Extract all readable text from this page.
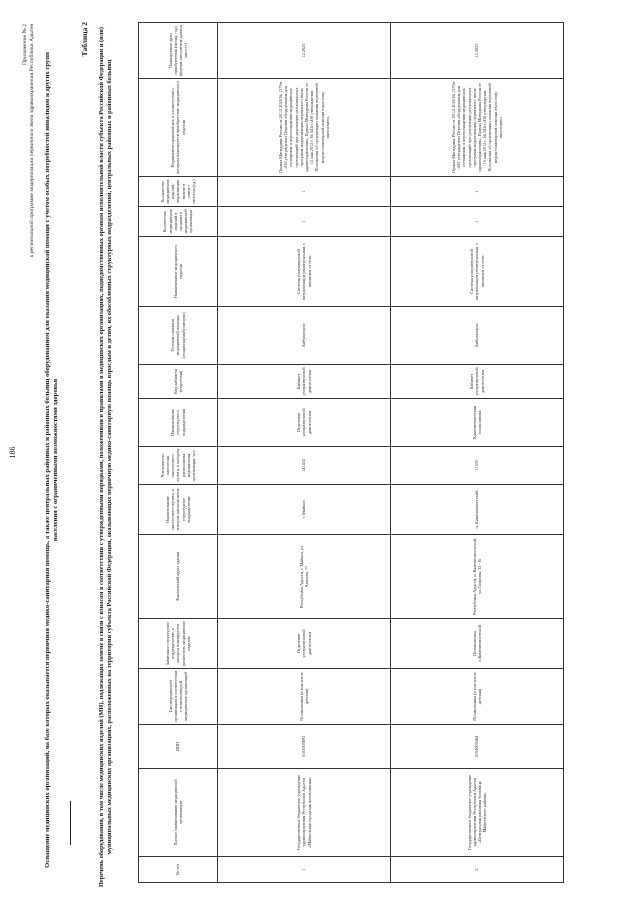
186
Приложение № 2 к региональной программе модернизации первичного звена здравоохранения Республики Адыгея Оснащение медицинских организаций, на базе которых оказывается первичная медико-санитарная помощь, а также центральных районных и районных больниц оборудованием для оказания медицинской помощи с учетом особых потребностей инвалидов и других групп населения с ограниченными возможностями здоровья
Таблица 2
№ п/п	Полное наименование медицинской организации	ИНН	Тип медицинской организации в соответствии с номенклатурой медицинских организаций	Зависимое структурное подразделение, в котором планируется разместить медицинское изделие	Фактический адрес здания	Наименование населенного пункта, в котором располагается структурное подразделение	Численность населения населенного пункта, в котором расположена медицинская организация, чел.	Наименование структурного подразделения	Вид кабинета (отделения)	Условия оказания медицинской помощи (стационар/амбулаторно)	Наименование медицинского изделия	Количество медицинских изделий в наличии в медицинской организации	Количество медицинских изделий, подлежащих замене в связи с износом (ед.)	Нормативно-правовой акт, в соответствии с которым планируется приобретение медицинского изделия	Планируемые даты приобретения (месяц, год) (формат заполнения данных мм.гггг)
1	Государственное бюджетное учреждение здравоохранения Республики Адыгея «Майкопская городская поликлиника»	0105005693	Поликлиника (в том числе детская)	Отделение ультразвуковой диагностики	Республика Адыгея, г. Майкоп, ул. Чкалова, 77	г. Майкоп	141435	Отделение ультразвуковой диагностики	Кабинет ультразвуковой диагностики	Амбулаторно	Система ультразвуковой визуализации универсальная, с питанием от сети	1	1	Приказ Минздрава России от 28.12.2020 № 1379н «Об утверждении Перечня оборудования для оснащения и переоснащения медицинских организаций при реализации региональных программ модернизации первичного звена здравоохранения»; Приказ Минздрава России от 15 мая 2012 г. № 543н «Об утверждении Положения об организации оказания первичной медико-санитарной помощи взрослому населению»	12.2025
2	Государственное бюджетное учреждение здравоохранения Республики Адыгея «Центральная районная больница Майкопского района»	0104005564	Поликлиника (в том числе детская)	Поликлиника п.Каменномостский	Республика Адыгея, п. Каменномостский, ул.Гагарина, 32 - В	п. Каменномостский	11109	Каменномостская поликлиника	Кабинет ультразвуковой диагностики	Амбулаторно	Система ультразвуковой визуализации универсальная, с питанием от сети	1	1	Приказ Минздрава России от 28.12.2020 № 1379н «Об утверждении Перечня оборудования для оснащения и переоснащения медицинских организаций при реализации региональных программ модернизации первичного звена здравоохранения»; Приказ Минздрава России от 15 мая 2012 г. № 543н «Об утверждении Положения об организации оказания первичной медико-санитарной помощи взрослому населению»	12.2025
Перечень оборудования, в том числе медицинских изделий (МИ), подлежащих замене в связи с износом в соответствии с утвержденными порядками, положениями и правилами в медицинских организациях, подведомственных органам исполнительной власти субъекта Российской Федерации и (или) муниципальных медицинских организациях, расположенных на территории субъекта Российской Федерации, оказывающих первичную медико-санитарную помощь взрослым и детям, их обособленных структурных подразделений, центральных районных и районных больниц
